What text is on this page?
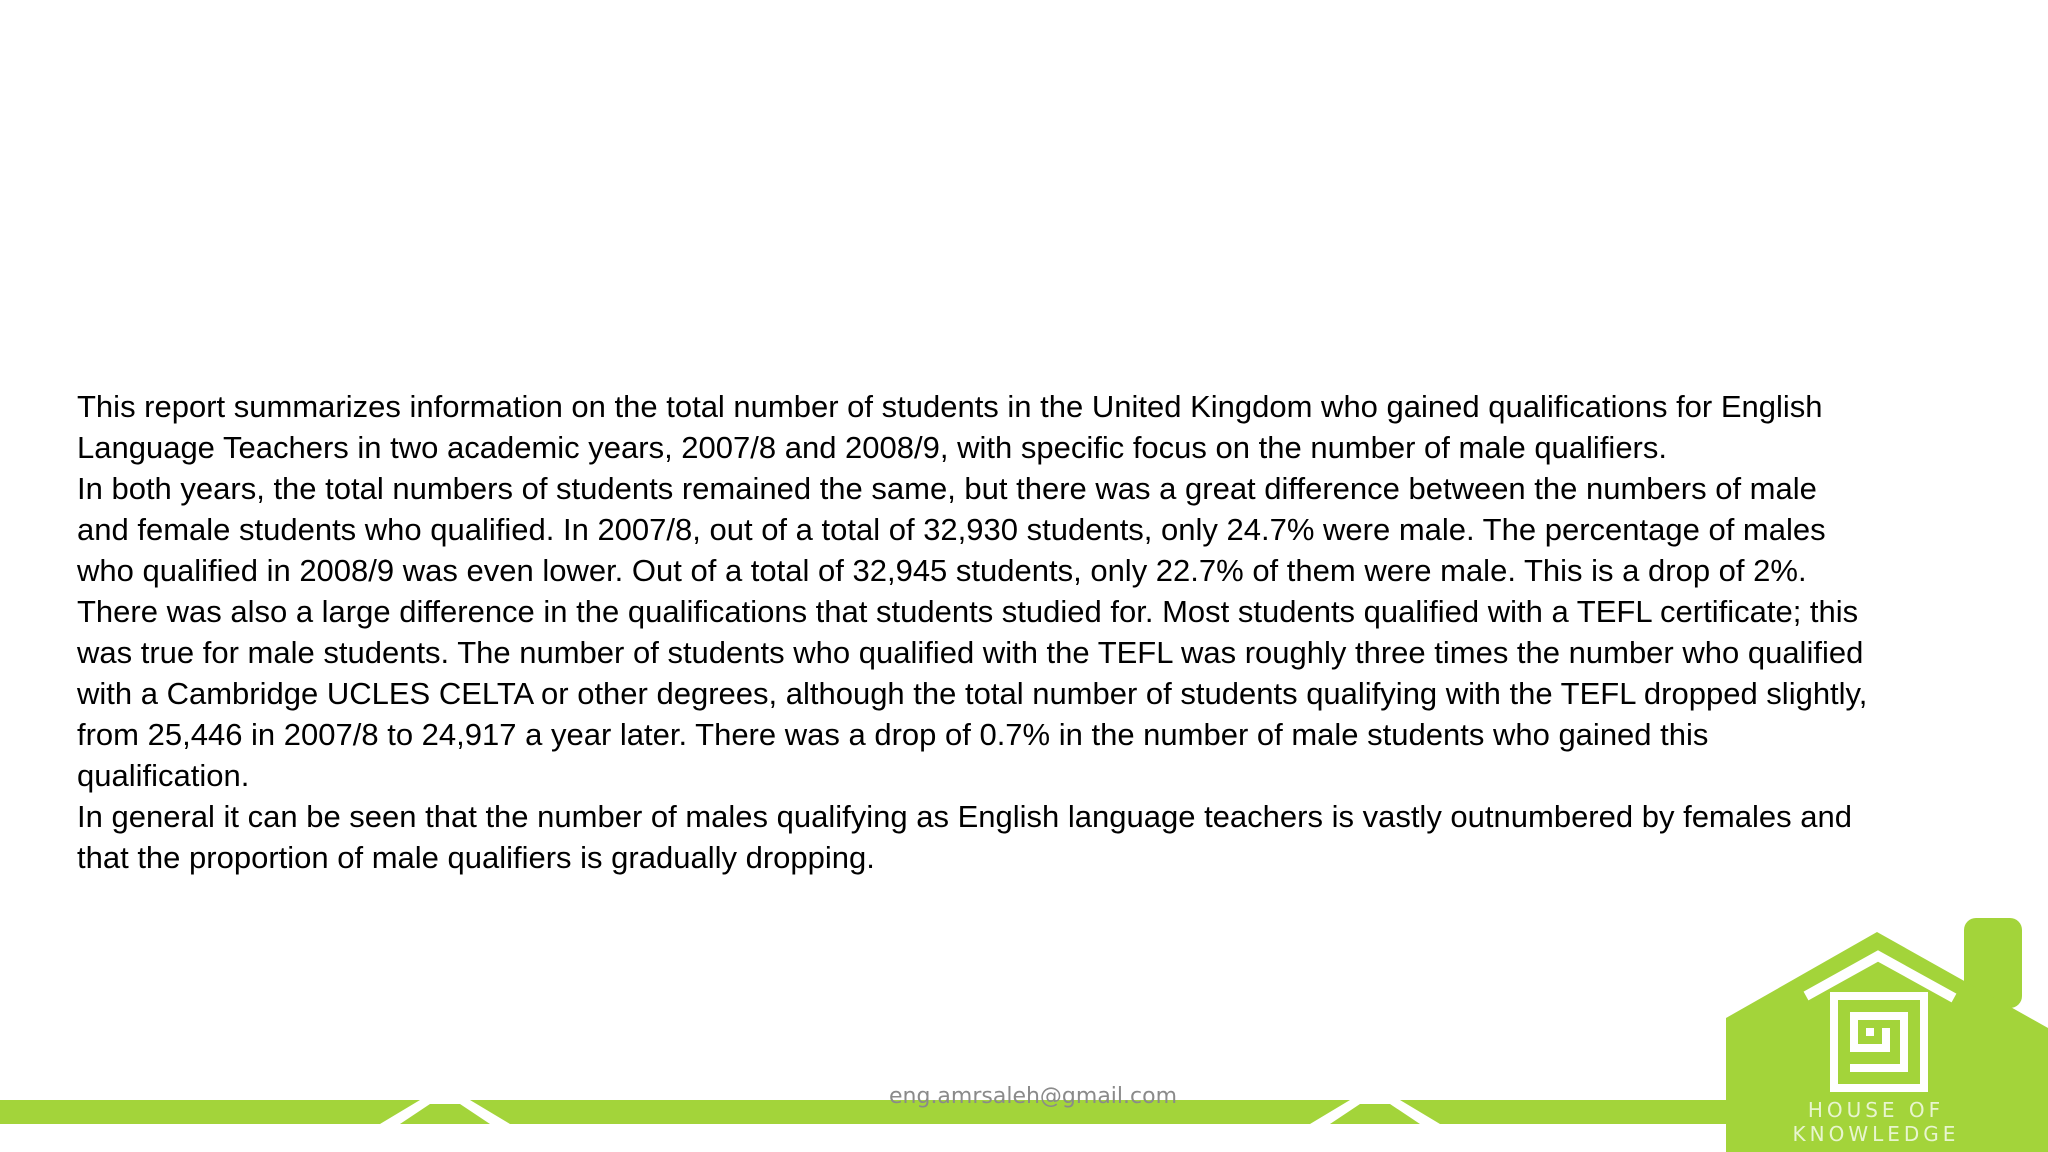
This report summarizes information on the total number of students in the United Kingdom who gained qualifications for English Language Teachers in two academic years, 2007/8 and 2008/9, with specific focus on the number of male qualifiers.

In both years, the total numbers of students remained the same, but there was a great difference between the numbers of male and female students who qualified. In 2007/8, out of a total of 32,930 students, only 24.7% were male. The percentage of males who qualified in 2008/9 was even lower. Out of a total of 32,945 students, only 22.7% of them were male. This is a drop of 2%.

There was also a large difference in the qualifications that students studied for. Most students qualified with a TEFL certificate; this was true for male students. The number of students who qualified with the TEFL was roughly three times the number who qualified with a Cambridge UCLES CELTA or other degrees, although the total number of students qualifying with the TEFL dropped slightly, from 25,446 in 2007/8 to 24,917 a year later. There was a drop of 0.7% in the number of male students who gained this qualification.

In general it can be seen that the number of males qualifying as English language teachers is vastly outnumbered by females and that the proportion of male qualifiers is gradually dropping.

eng.amrsaleh@gmail.com
HOUSE OF KNOWLEDGE
